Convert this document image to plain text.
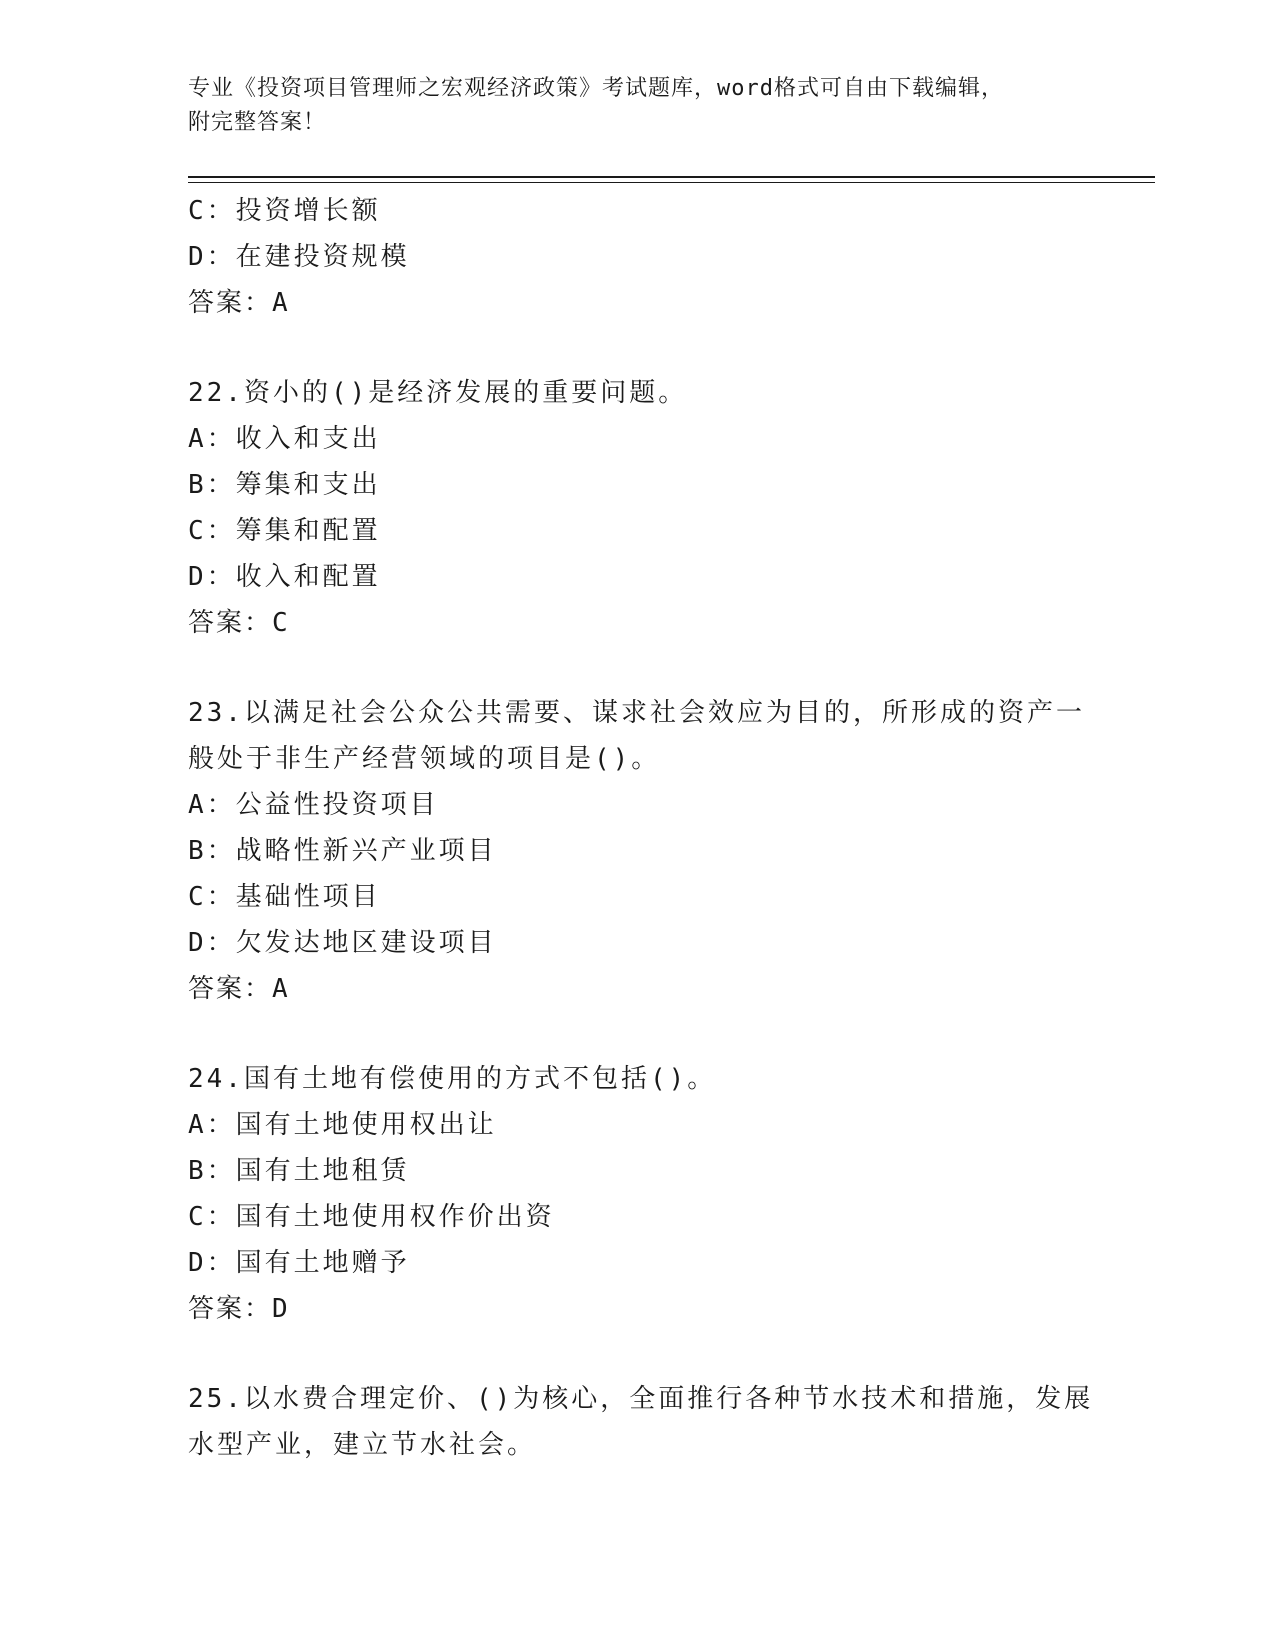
专业《投资项目管理师之宏观经济政策》考试题库，word格式可自由下载编辑，
附完整答案！
C：投资增长额
D：在建投资规模
答案：A
22.资小的()是经济发展的重要问题。
A：收入和支出
B：筹集和支出
C：筹集和配置
D：收入和配置
答案：C
23.以满足社会公众公共需要、谋求社会效应为目的，所形成的资产一
般处于非生产经营领域的项目是()。
A：公益性投资项目
B：战略性新兴产业项目
C：基础性项目
D：欠发达地区建设项目
答案：A
24.国有土地有偿使用的方式不包括()。
A：国有土地使用权出让
B：国有土地租赁
C：国有土地使用权作价出资
D：国有土地赠予
答案：D
25.以水费合理定价、()为核心，全面推行各种节水技术和措施，发展
水型产业，建立节水社会。
